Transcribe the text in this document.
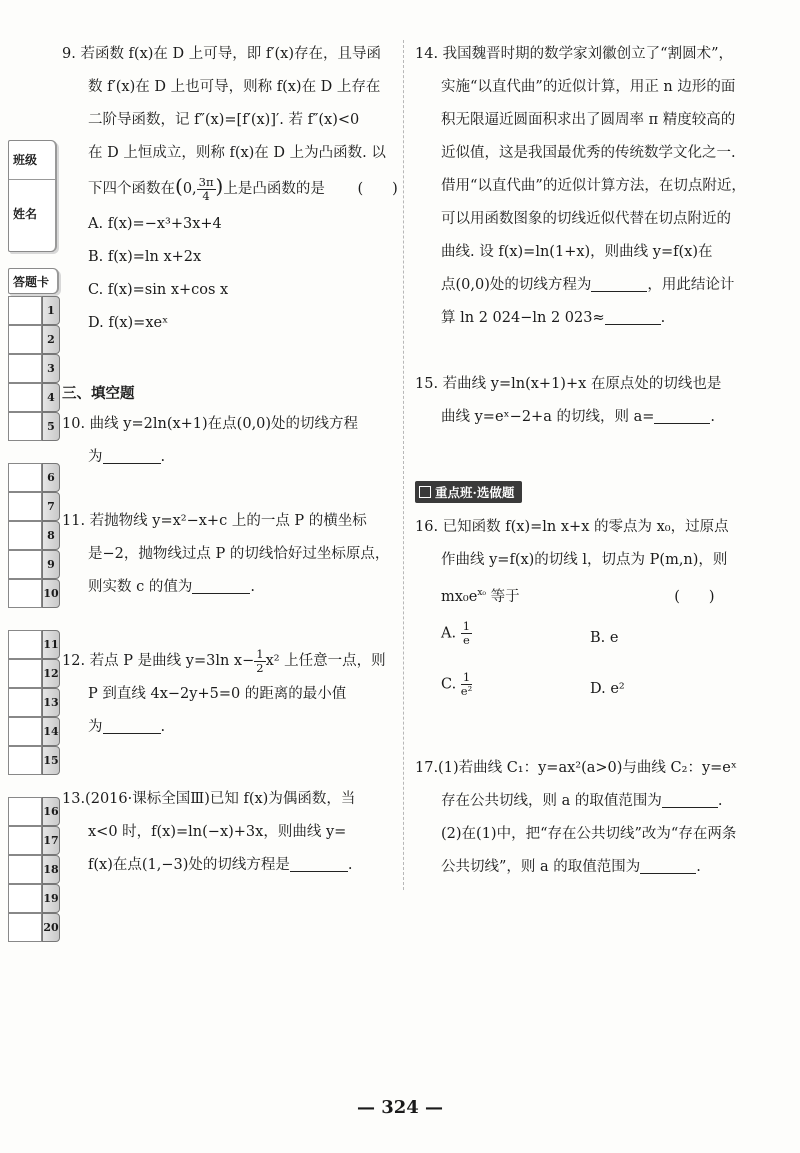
班级
姓名
答题卡
1
2
3
4
5
6
7
8
9
10
11
12
13
14
15
16
17
18
19
20
9. 若函数 f(x)在 D 上可导，即 f′(x)存在，且导函
数 f′(x)在 D 上也可导，则称 f(x)在 D 上存在
二阶导函数，记 f″(x)=[f′(x)]′. 若 f″(x)<0
在 D 上恒成立，则称 f(x)在 D 上为凸函数. 以
下四个函数在(0, $\frac{3\pi}{4}$ )上是凸函数的是 (　　)
A. f(x)=−x³+3x+4
B. f(x)=ln x+2x
C. f(x)=sin x+cos x
D. f(x)=xeˣ
三、填空题
10. 曲线 y=2ln(x+1)在点(0,0)处的切线方程
为	.
11. 若抛物线 y=x²−x+c 上的一点 P 的横坐标
是−2，抛物线过点 P 的切线恰好过坐标原点，
则实数 c 的值为	.
12. 若点 P 是曲线 y=3ln $x- \frac{1}{2} x^2$ 上任意一点，则
P 到直线 4x−2y+5=0 的距离的最小值
为	.
13.(2016·课标全国Ⅲ)已知 f(x)为偶函数，当
x<0 时，f(x)=ln(−x)+3x，则曲线 y=
f(x)在点(1,−3)处的切线方程是	.
14. 我国魏晋时期的数学家刘徽创立了“割圆术”，
实施“以直代曲”的近似计算，用正 n 边形的面
积无限逼近圆面积求出了圆周率 π 精度较高的
近似值，这是我国最优秀的传统数学文化之一.
借用“以直代曲”的近似计算方法，在切点附近，
可以用函数图象的切线近似代替在切点附近的
曲线. 设 f(x)=ln(1+x)，则曲线 y=f(x)在
点(0,0)处的切线方程为	，用此结论计
算 ln 2 024−ln 2 023≈	.
15. 若曲线 y=ln(x+1)+x 在原点处的切线也是
曲线 y=eˣ−2+a 的切线，则 a=	.
重点班·选做题
16. 已知函数 f(x)=ln x+x 的零点为 x₀，过原点
作曲线 y=f(x)的切线 l，切点为 P(m,n)，则
$mx_0e^{x_0}$ 等于	(　　)
A. $\frac{1}{e}$	B. e
C. $\frac{1}{\text{e²}}$	D. e²
17.(1)若曲线 C₁：y=ax²(a>0)与曲线 C₂：y=eˣ
存在公共切线，则 a 的取值范围为	.
(2)在(1)中，把“存在公共切线”改为“存在两条
公共切线”，则 a 的取值范围为	.
— 324 —
